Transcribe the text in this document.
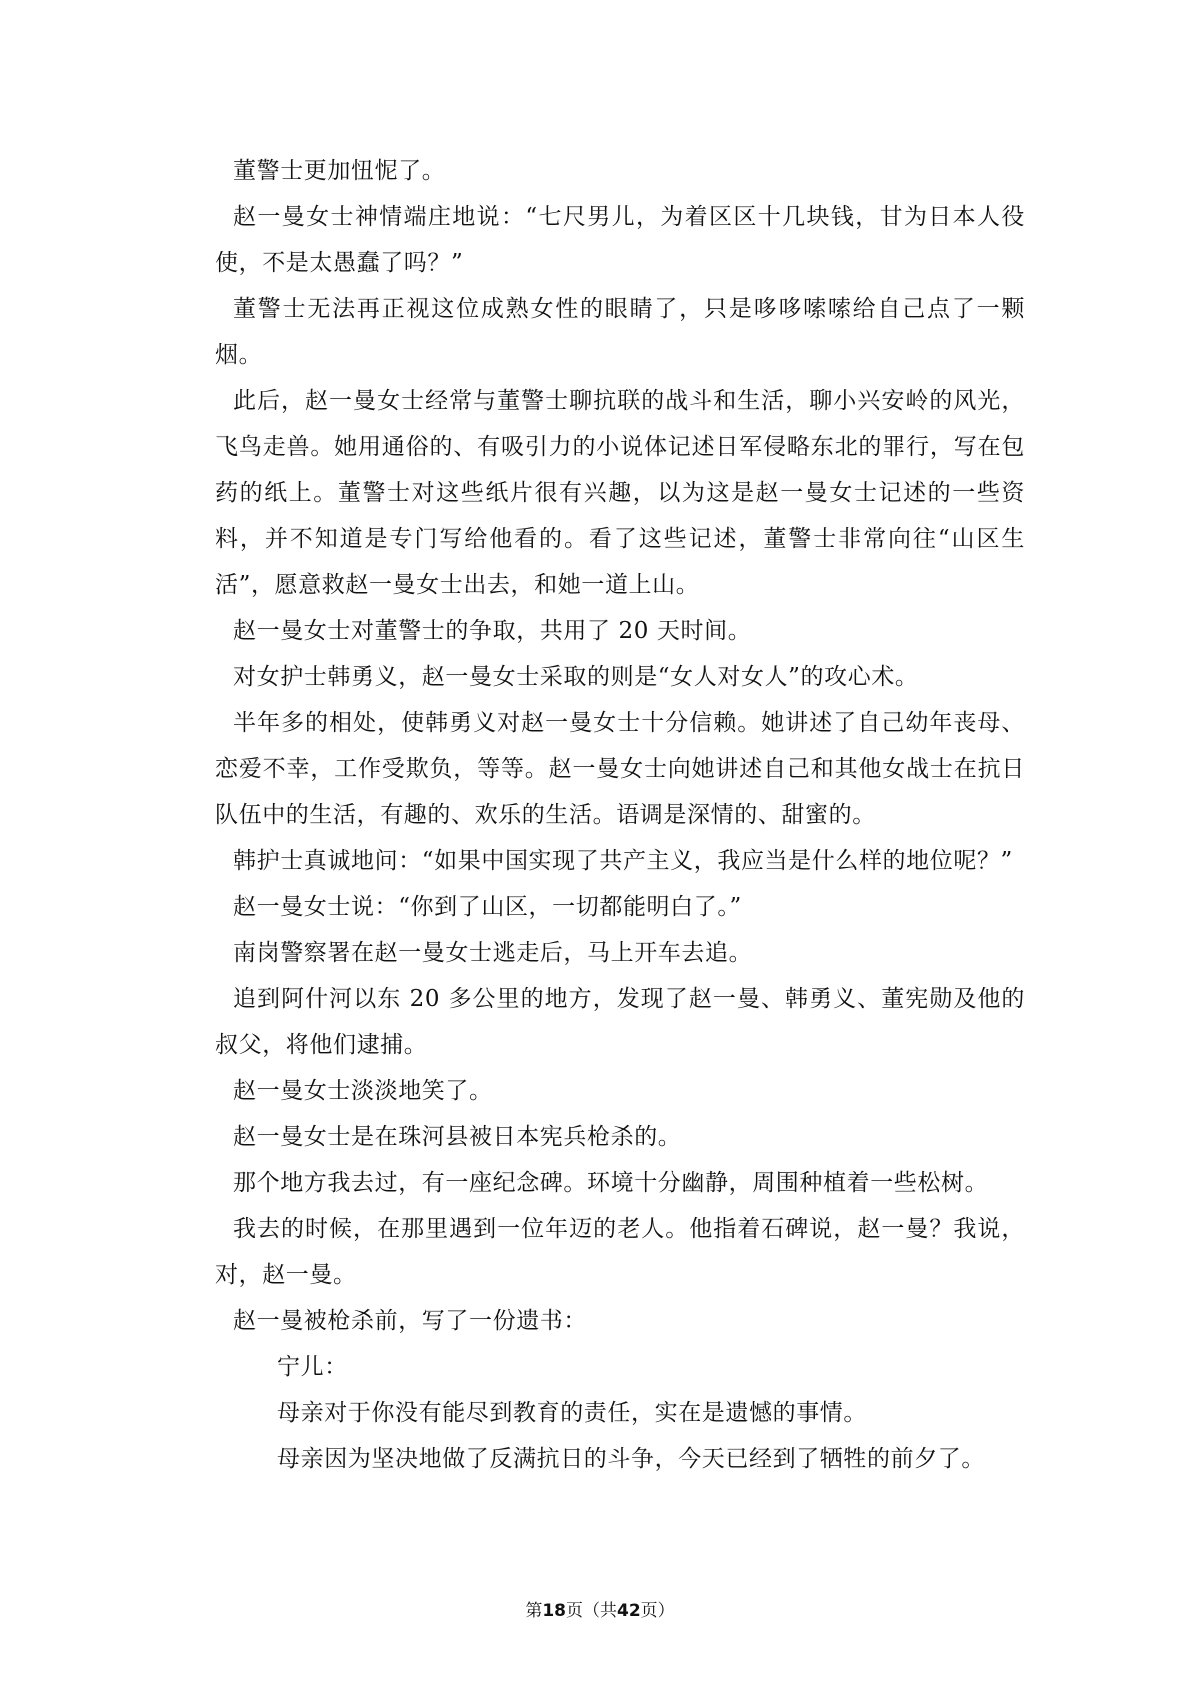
董警士更加忸怩了。

赵一曼女士神情端庄地说：“七尺男儿，为着区区十几块钱，甘为日本人役使，不是太愚蠢了吗？”

董警士无法再正视这位成熟女性的眼睛了，只是哆哆嗦嗦给自己点了一颗烟。

此后，赵一曼女士经常与董警士聊抗联的战斗和生活，聊小兴安岭的风光，飞鸟走兽。她用通俗的、有吸引力的小说体记述日军侵略东北的罪行，写在包药的纸上。董警士对这些纸片很有兴趣，以为这是赵一曼女士记述的一些资料，并不知道是专门写给他看的。看了这些记述，董警士非常向往“山区生活”，愿意救赵一曼女士出去，和她一道上山。

赵一曼女士对董警士的争取，共用了 20 天时间。

对女护士韩勇义，赵一曼女士采取的则是“女人对女人”的攻心术。

半年多的相处，使韩勇义对赵一曼女士十分信赖。她讲述了自己幼年丧母、恋爱不幸，工作受欺负，等等。赵一曼女士向她讲述自己和其他女战士在抗日队伍中的生活，有趣的、欢乐的生活。语调是深情的、甜蜜的。

韩护士真诚地问：“如果中国实现了共产主义，我应当是什么样的地位呢？”

赵一曼女士说：“你到了山区，一切都能明白了。”

南岗警察署在赵一曼女士逃走后，马上开车去追。

追到阿什河以东 20 多公里的地方，发现了赵一曼、韩勇义、董宪勋及他的叔父，将他们逮捕。

赵一曼女士淡淡地笑了。

赵一曼女士是在珠河县被日本宪兵枪杀的。

那个地方我去过，有一座纪念碑。环境十分幽静，周围种植着一些松树。

我去的时候，在那里遇到一位年迈的老人。他指着石碑说，赵一曼？我说，对，赵一曼。

赵一曼被枪杀前，写了一份遗书：

宁儿：

母亲对于你没有能尽到教育的责任，实在是遗憾的事情。

母亲因为坚决地做了反满抗日的斗争，今天已经到了牺牲的前夕了。

第18页（共42页）
